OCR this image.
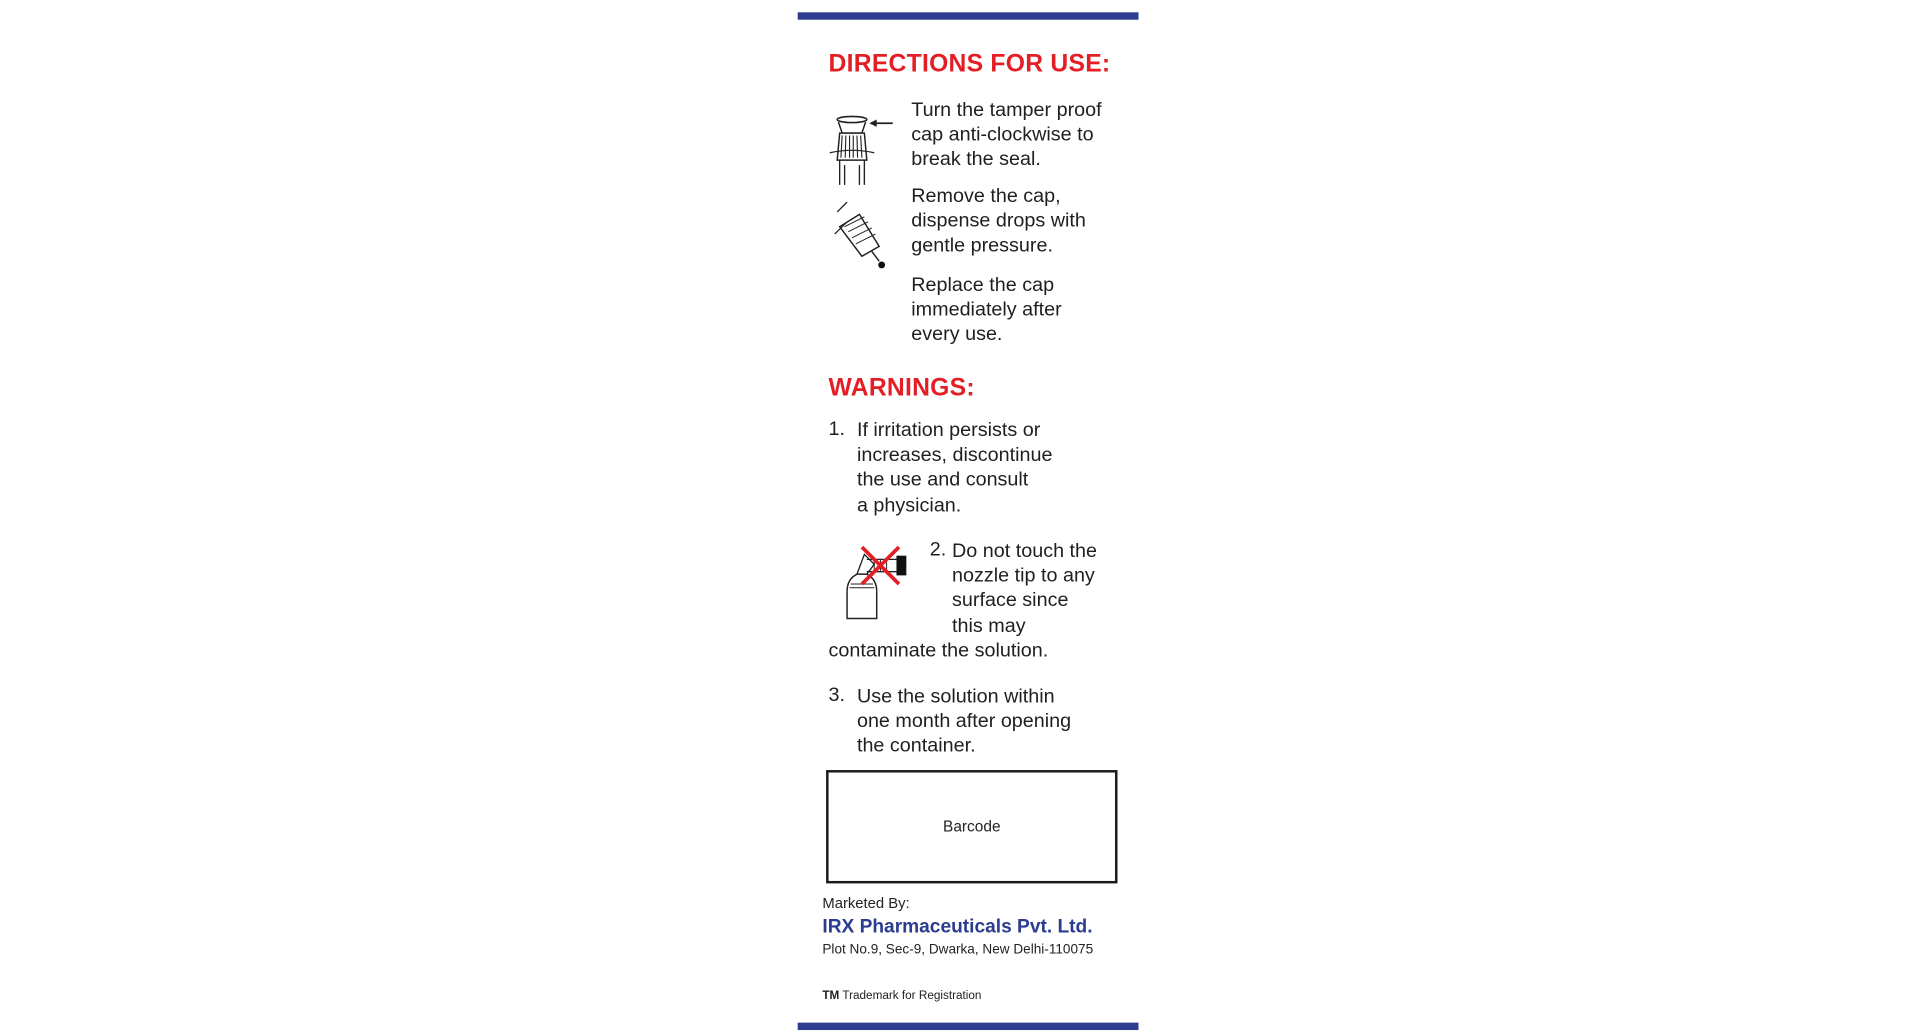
DIRECTIONS FOR USE:

Turn the tamper proof
cap anti-clockwise to
break the seal.

Remove the cap,
dispense drops with
gentle pressure.

Replace the cap
immediately after
every use.

WARNINGS:
1. If irritation persists or
increases, discontinue
the use and consult
a physician.

2. Do not touch the
nozzle tip to any
surface since
this may

contaminate the solution.

3. Use the solution within
one month after opening
the container.

Barcode
Marketed By:
IRX Pharmaceuticals Pvt. Ltd.
Plot No.9, Sec-9, Dwarka, New Delhi-110075
TM Trademark for Registration
